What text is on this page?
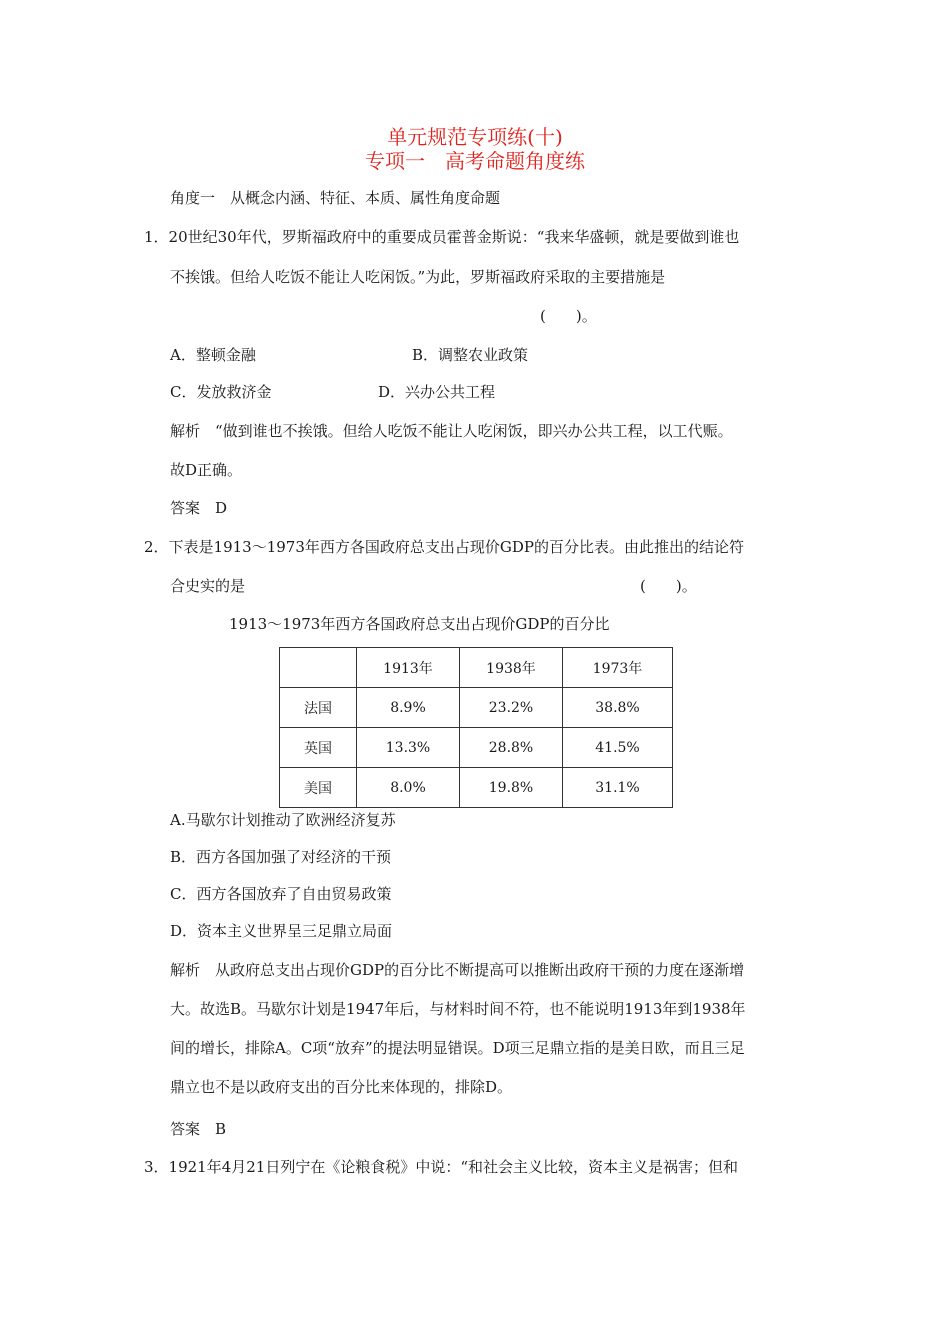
单元规范专项练(十)
专项一　高考命题角度练
角度一　从概念内涵、特征、本质、属性角度命题
1．20世纪30年代，罗斯福政府中的重要成员霍普金斯说：“我来华盛顿，就是要做到谁也
不挨饿。但给人吃饭不能让人吃闲饭。”为此，罗斯福政府采取的主要措施是
(　　)。
A．整顿金融	B．调整农业政策
C．发放救济金	D．兴办公共工程
解析　“做到谁也不挨饿。但给人吃饭不能让人吃闲饭，即兴办公共工程，以工代赈。
故D正确。
答案　D
2．下表是1913～1973年西方各国政府总支出占现价GDP的百分比表。由此推出的结论符
合史实的是	(　　)。
1913～1973年西方各国政府总支出占现价GDP的百分比
	1913年	1938年	1973年
法国	8.9%	23.2%	38.8%
英国	13.3%	28.8%	41.5%
美国	8.0%	19.8%	31.1%
A.马歇尔计划推动了欧洲经济复苏
B．西方各国加强了对经济的干预
C．西方各国放弃了自由贸易政策
D．资本主义世界呈三足鼎立局面
解析　从政府总支出占现价GDP的百分比不断提高可以推断出政府干预的力度在逐渐增
大。故选B。马歇尔计划是1947年后，与材料时间不符，也不能说明1913年到1938年
间的增长，排除A。C项“放弃”的提法明显错误。D项三足鼎立指的是美日欧，而且三足
鼎立也不是以政府支出的百分比来体现的，排除D。
答案　B
3．1921年4月21日列宁在《论粮食税》中说：“和社会主义比较，资本主义是祸害；但和
